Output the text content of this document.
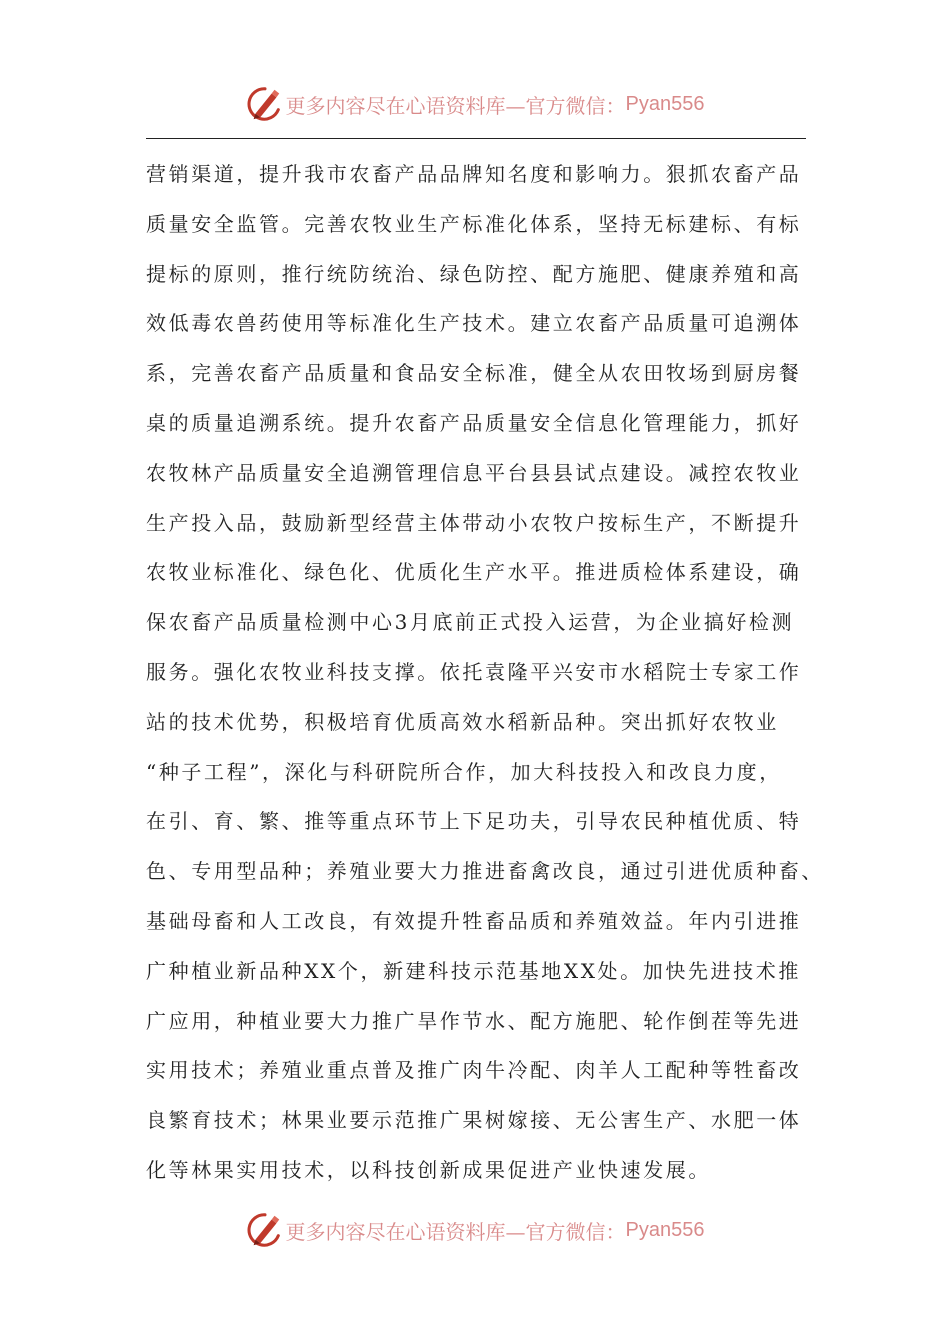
更多内容尽在心语资料库—官方微信： Pyan556
营销渠道，提升我市农畜产品品牌知名度和影响力。狠抓农畜产品
质量安全监管。完善农牧业生产标准化体系，坚持无标建标、有标
提标的原则，推行统防统治、绿色防控、配方施肥、健康养殖和高
效低毒农兽药使用等标准化生产技术。建立农畜产品质量可追溯体
系，完善农畜产品质量和食品安全标准，健全从农田牧场到厨房餐
桌的质量追溯系统。提升农畜产品质量安全信息化管理能力，抓好
农牧林产品质量安全追溯管理信息平台县县试点建设。减控农牧业
生产投入品，鼓励新型经营主体带动小农牧户按标生产，不断提升
农牧业标准化、绿色化、优质化生产水平。推进质检体系建设，确
保农畜产品质量检测中心3月底前正式投入运营，为企业搞好检测
服务。强化农牧业科技支撑。依托袁隆平兴安市水稻院士专家工作
站的技术优势，积极培育优质高效水稻新品种。突出抓好农牧业
“种子工程”，深化与科研院所合作，加大科技投入和改良力度，
在引、育、繁、推等重点环节上下足功夫，引导农民种植优质、特
色、专用型品种；养殖业要大力推进畜禽改良，通过引进优质种畜、
基础母畜和人工改良，有效提升牲畜品质和养殖效益。年内引进推
广种植业新品种XX个，新建科技示范基地XX处。加快先进技术推
广应用，种植业要大力推广旱作节水、配方施肥、轮作倒茬等先进
实用技术；养殖业重点普及推广肉牛冷配、肉羊人工配种等牲畜改
良繁育技术；林果业要示范推广果树嫁接、无公害生产、水肥一体
化等林果实用技术，以科技创新成果促进产业快速发展。
更多内容尽在心语资料库—官方微信： Pyan556
